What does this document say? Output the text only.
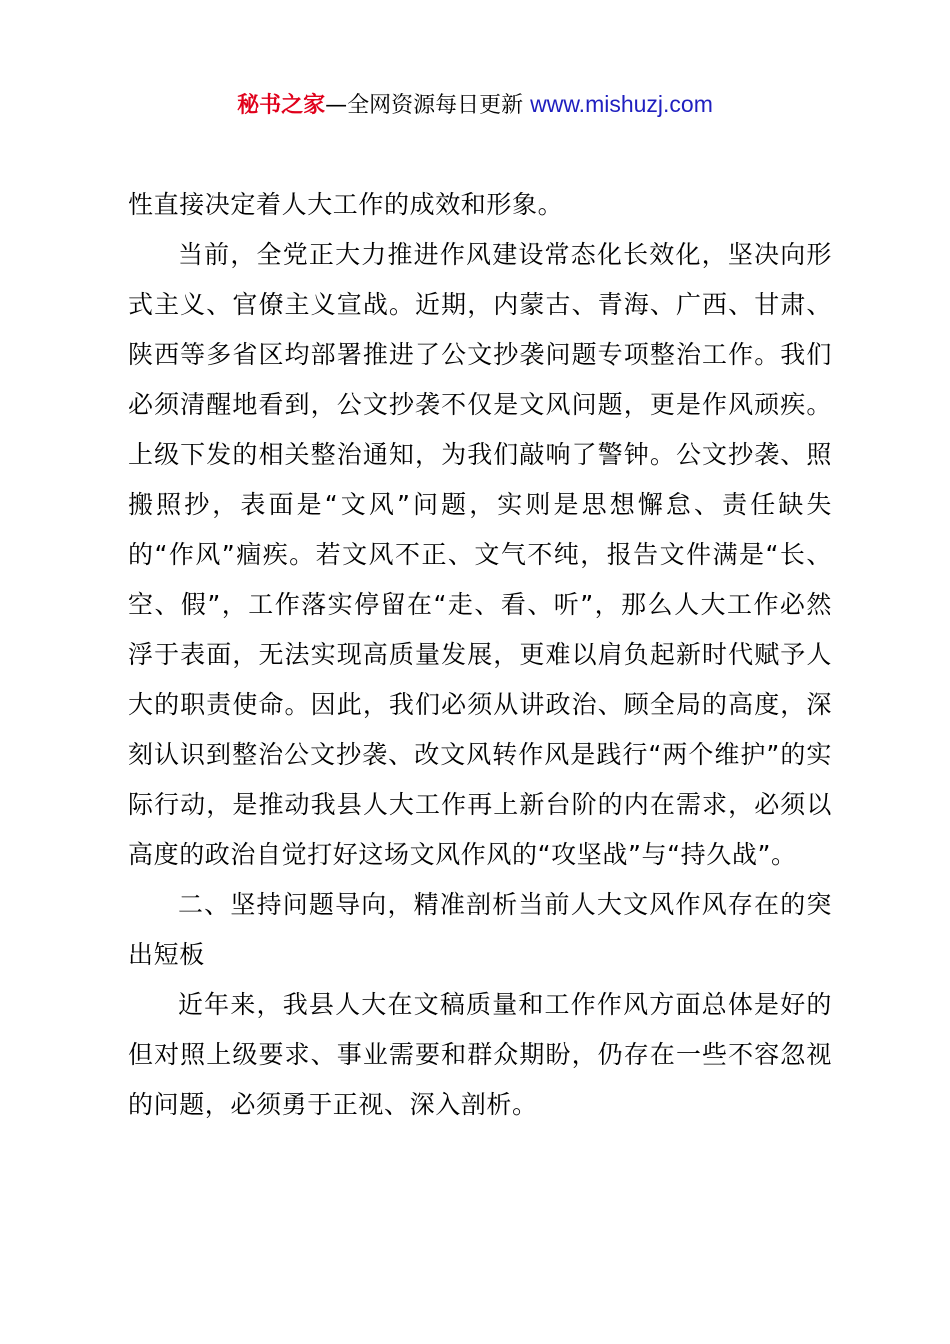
秘书之家—全网资源每日更新 www.mishuzj.com

性直接决定着人大工作的成效和形象。

当前，全党正大力推进作风建设常态化长效化，坚决向形式主义、官僚主义宣战。近期，内蒙古、青海、广西、甘肃、陕西等多省区均部署推进了公文抄袭问题专项整治工作。我们必须清醒地看到，公文抄袭不仅是文风问题，更是作风顽疾。上级下发的相关整治通知，为我们敲响了警钟。公文抄袭、照搬照抄，表面是“文风”问题，实则是思想懈怠、责任缺失的“作风”痼疾。若文风不正、文气不纯，报告文件满是“长、空、假”，工作落实停留在“走、看、听”，那么人大工作必然浮于表面，无法实现高质量发展，更难以肩负起新时代赋予人大的职责使命。因此，我们必须从讲政治、顾全局的高度，深刻认识到整治公文抄袭、改文风转作风是践行“两个维护”的实际行动，是推动我县人大工作再上新台阶的内在需求，必须以高度的政治自觉打好这场文风作风的“攻坚战”与“持久战”。

二、坚持问题导向，精准剖析当前人大文风作风存在的突出短板

近年来，我县人大在文稿质量和工作作风方面总体是好的但对照上级要求、事业需要和群众期盼，仍存在一些不容忽视的问题，必须勇于正视、深入剖析。
